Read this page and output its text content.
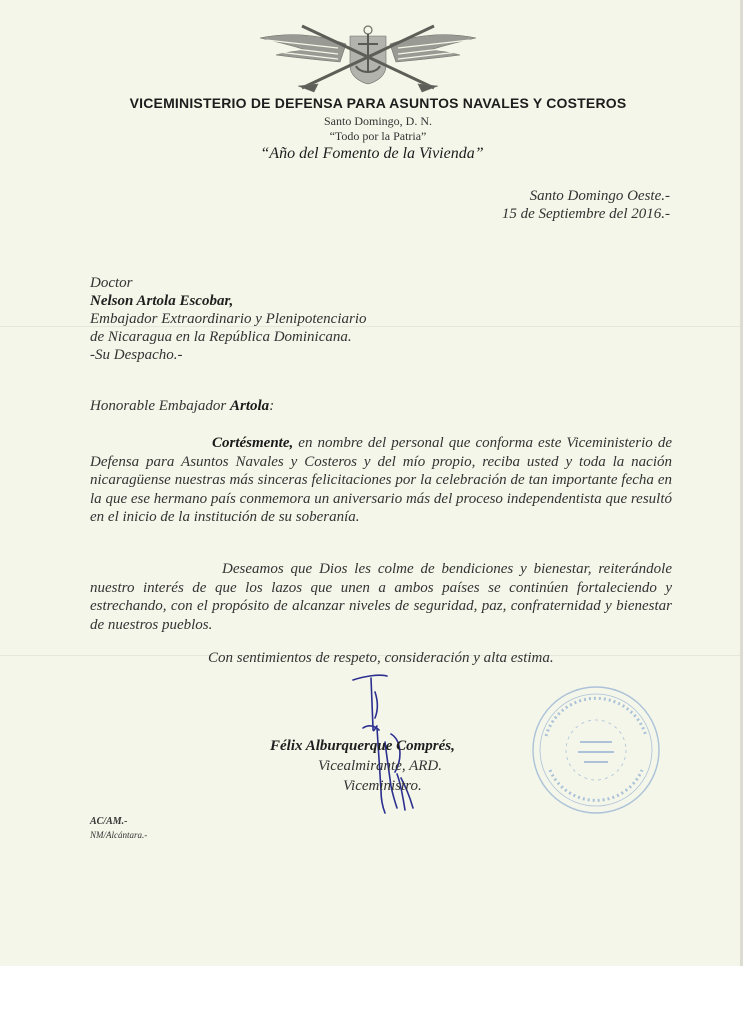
VICEMINISTERIO DE DEFENSA PARA ASUNTOS NAVALES Y COSTEROS
Santo Domingo, D. N.
“Todo por la Patria”
“Año del Fomento de la Vivienda”
Santo Domingo Oeste.-
15 de Septiembre del 2016.-
Doctor
Nelson Artola Escobar,
Embajador Extraordinario y Plenipotenciario
de Nicaragua en la República Dominicana.
-Su Despacho.-
Honorable Embajador Artola:
Cortésmente, en nombre del personal que conforma este Viceministerio de Defensa para Asuntos Navales y Costeros y del mío propio, reciba usted y toda la nación nicaragüense nuestras más sinceras felicitaciones por la celebración de tan importante fecha en la que ese hermano país conmemora un aniversario más del proceso independentista que resultó en el inicio de la institución de su soberanía.
Deseamos que Dios les colme de bendiciones y bienestar, reiterándole nuestro interés de que los lazos que unen a ambos países se continúen fortaleciendo y estrechando, con el propósito de alcanzar niveles de seguridad, paz, confraternidad y bienestar de nuestros pueblos.
Con sentimientos de respeto, consideración y alta estima.
Félix Alburquerque Comprés,
Vicealmirante, ARD.
Viceministro.
AC/AM.-
NM/Alcántara.-
